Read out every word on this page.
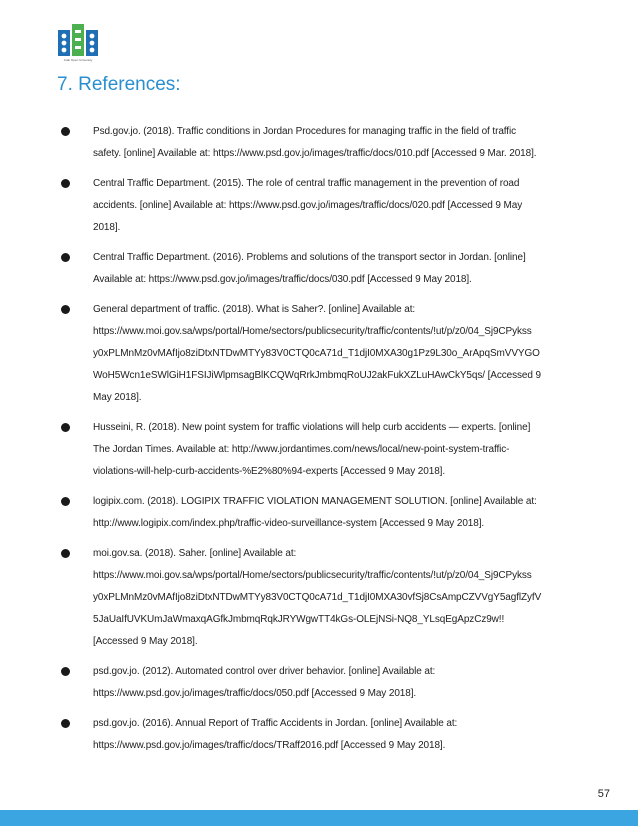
Arab Open University
7. References:
Psd.gov.jo. (2018). Traffic conditions in Jordan Procedures for managing traffic in the field of traffic
safety. [online] Available at: https://www.psd.gov.jo/images/traffic/docs/010.pdf [Accessed 9 Mar. 2018].
Central Traffic Department. (2015). The role of central traffic management in the prevention of road
accidents. [online] Available at: https://www.psd.gov.jo/images/traffic/docs/020.pdf [Accessed 9 May
2018].
Central Traffic Department. (2016). Problems and solutions of the transport sector in Jordan. [online]
Available at: https://www.psd.gov.jo/images/traffic/docs/030.pdf [Accessed 9 May 2018].
General department of traffic. (2018). What is Saher?. [online] Available at:
https://www.moi.gov.sa/wps/portal/Home/sectors/publicsecurity/traffic/contents/!ut/p/z0/04_Sj9CPykss
y0xPLMnMz0vMAfIjo8ziDtxNTDwMTYy83V0CTQ0cA71d_T1djI0MXA30g1Pz9L30o_ArApqSmVVYGO
WoH5Wcn1eSWlGiH1FSIJiWlpmsagBlKCQWqRrkJmbmqRoUJ2akFukXZLuHAwCkY5qs/ [Accessed 9
May 2018].
Husseini, R. (2018). New point system for traffic violations will help curb accidents — experts. [online]
The Jordan Times. Available at: http://www.jordantimes.com/news/local/new-point-system-traffic-
violations-will-help-curb-accidents-%E2%80%94-experts [Accessed 9 May 2018].
logipix.com. (2018). LOGIPIX TRAFFIC VIOLATION MANAGEMENT SOLUTION. [online] Available at:
http://www.logipix.com/index.php/traffic-video-surveillance-system [Accessed 9 May 2018].
moi.gov.sa. (2018). Saher. [online] Available at:
https://www.moi.gov.sa/wps/portal/Home/sectors/publicsecurity/traffic/contents/!ut/p/z0/04_Sj9CPykss
y0xPLMnMz0vMAfIjo8ziDtxNTDwMTYy83V0CTQ0cA71d_T1djI0MXA30vfSj8CsAmpCZVVgY5agflZyfV
5JaUaIfUVKUmJaWmaxqAGfkJmbmqRqkJRYWgwTT4kGs-OLEjNSi-NQ8_YLsqEgApzCz9w!!
[Accessed 9 May 2018].
psd.gov.jo. (2012). Automated control over driver behavior. [online] Available at:
https://www.psd.gov.jo/images/traffic/docs/050.pdf [Accessed 9 May 2018].
psd.gov.jo. (2016). Annual Report of Traffic Accidents in Jordan. [online] Available at:
https://www.psd.gov.jo/images/traffic/docs/TRaff2016.pdf [Accessed 9 May 2018].
57
